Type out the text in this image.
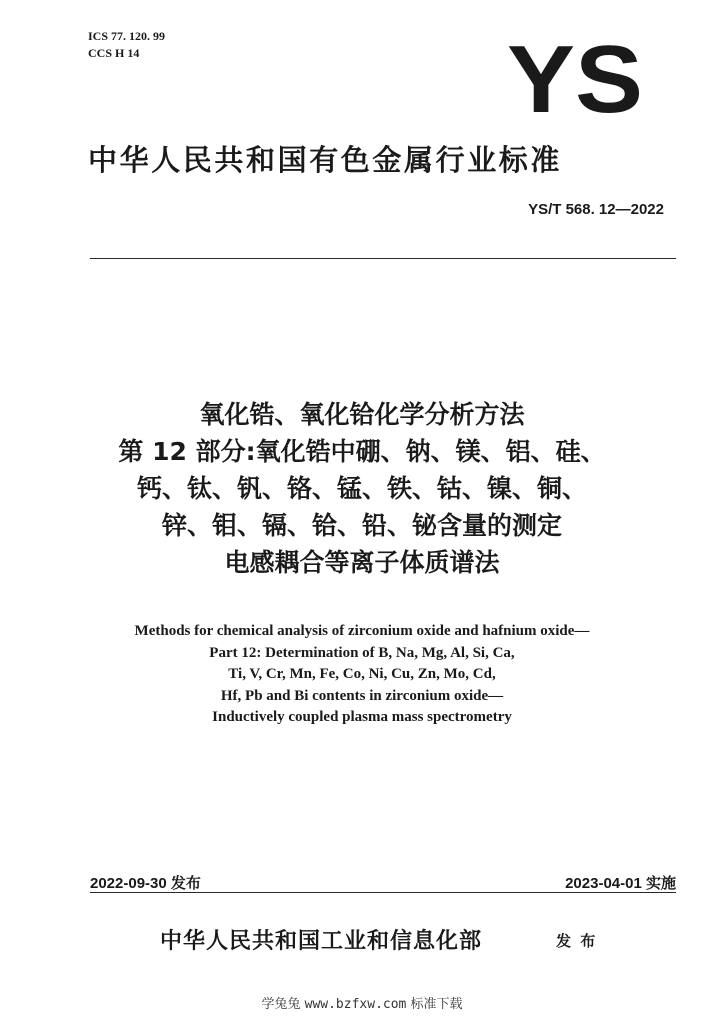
ICS 77. 120. 99
CCS H 14	YS
中华人民共和国有色金属行业标准
YS/T 568. 12—2022
氧化锆、氧化铪化学分析方法
第 12 部分:氧化锆中硼、钠、镁、铝、硅、
钙、钛、钒、铬、锰、铁、钴、镍、铜、
锌、钼、镉、铪、铅、铋含量的测定
电感耦合等离子体质谱法
Methods for chemical analysis of zirconium oxide and hafnium oxide—
Part 12: Determination of B, Na, Mg, Al, Si, Ca,
Ti, V, Cr, Mn, Fe, Co, Ni, Cu, Zn, Mo, Cd,
Hf, Pb and Bi contents in zirconium oxide—
Inductively coupled plasma mass spectrometry
2022-09-30 发布	2023-04-01 实施
中华人民共和国工业和信息化部	发 布
学兔兔 www.bzfxw.com 标准下载
